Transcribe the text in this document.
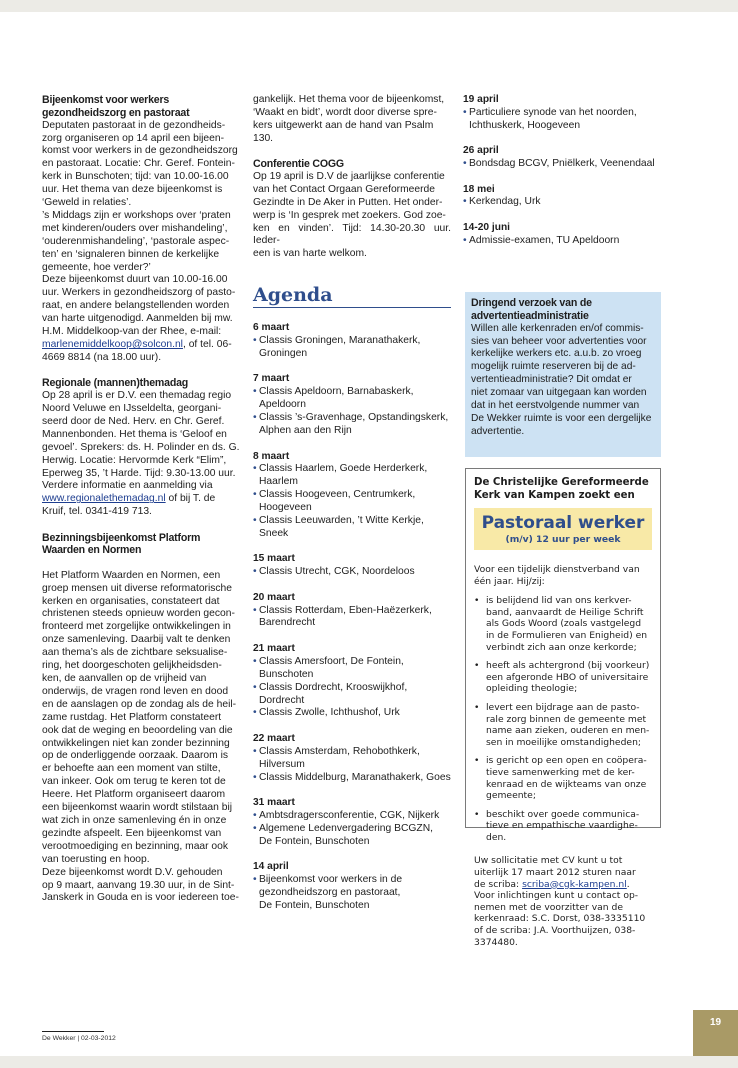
Bijeenkomst voor werkers
gezondheidszorg en pastoraat
Deputaten pastoraat in de gezondheids-
zorg organiseren op 14 april een bijeen-
komst voor werkers in de gezondheidszorg
en pastoraat. Locatie: Chr. Geref. Fontein-
kerk in Bunschoten; tijd: van 10.00-16.00
uur. Het thema van deze bijeenkomst is
‘Geweld in relaties’.
’s Middags zijn er workshops over ‘praten
met kinderen/ouders over mishandeling’,
‘ouderenmishandeling’, ‘pastorale aspec-
ten’ en ‘signaleren binnen de kerkelijke
gemeente, hoe verder?’
Deze bijeenkomst duurt van 10.00-16.00
uur. Werkers in gezondheidszorg of pasto-
raat, en andere belangstellenden worden
van harte uitgenodigd. Aanmelden bij mw.
H.M. Middelkoop-van der Rhee, e-mail:
marlenemiddelkoop@solcon.nl, of tel. 06-
4669 8814 (na 18.00 uur).
Regionale (mannen)themadag
Op 28 april is er D.V. een themadag regio
Noord Veluwe en IJsseldelta, georgani-
seerd door de Ned. Herv. en Chr. Geref.
Mannenbonden. Het thema is ‘Geloof en
gevoel’. Sprekers: ds. H. Polinder en ds. G.
Herwig. Locatie: Hervormde Kerk “Elim”,
Eperweg 35, ’t Harde. Tijd: 9.30-13.00 uur.
Verdere informatie en aanmelding via
www.regionalethemadag.nl of bij T. de
Kruif, tel. 0341-419 713.
Bezinningsbijeenkomst Platform
Waarden en Normen
Het Platform Waarden en Normen, een
groep mensen uit diverse reformatorische
kerken en organisaties, constateert dat
christenen steeds opnieuw worden gecon-
fronteerd met zorgelijke ontwikkelingen in
onze samenleving. Daarbij valt te denken
aan thema’s als de zichtbare seksualise-
ring, het doorgeschoten gelijkheidsden-
ken, de aanvallen op de vrijheid van
onderwijs, de vragen rond leven en dood
en de aanslagen op de zondag als de heil-
zame rustdag. Het Platform constateert
ook dat de weging en beoordeling van die
ontwikkelingen niet kan zonder bezinning
op de onderliggende oorzaak. Daarom is
er behoefte aan een moment van stilte,
van inkeer. Ook om terug te keren tot de
Heere. Het Platform organiseert daarom
een bijeenkomst waarin wordt stilstaan bij
wat zich in onze samenleving én in onze
gezindte afspeelt. Een bijeenkomst van
verootmoediging en bezinning, maar ook
van toerusting en hoop.
Deze bijeenkomst wordt D.V. gehouden
op 9 maart, aanvang 19.30 uur, in de Sint-
Janskerk in Gouda en is voor iedereen toe-
gankelijk. Het thema voor de bijeenkomst,
‘Waakt en bidt’, wordt door diverse spre-
kers uitgewerkt aan de hand van Psalm
130.
Conferentie COGG
Op 19 april is D.V de jaarlijkse conferentie
van het Contact Orgaan Gereformeerde
Gezindte in De Aker in Putten. Het onder-
werp is ‘In gesprek met zoekers. God zoe-
ken en vinden’. Tijd: 14.30-20.30 uur. Ieder-
een is van harte welkom.
Agenda
6 maart
• Classis Groningen, Maranathakerk,
Groningen
7 maart
• Classis Apeldoorn, Barnabaskerk,
Apeldoorn
• Classis ’s-Gravenhage, Opstandingskerk,
Alphen aan den Rijn
8 maart
• Classis Haarlem, Goede Herderkerk,
Haarlem
• Classis Hoogeveen, Centrumkerk,
Hoogeveen
• Classis Leeuwarden, ’t Witte Kerkje,
Sneek
15 maart
• Classis Utrecht, CGK, Noordeloos
20 maart
• Classis Rotterdam, Eben-Haëzerkerk,
Barendrecht
21 maart
• Classis Amersfoort, De Fontein,
Bunschoten
• Classis Dordrecht, Krooswijkhof,
Dordrecht
• Classis Zwolle, Ichthushof, Urk
22 maart
• Classis Amsterdam, Rehobothkerk,
Hilversum
• Classis Middelburg, Maranathakerk, Goes
31 maart
• Ambtsdragersconferentie, CGK, Nijkerk
• Algemene Ledenvergadering BCGZN,
De Fontein, Bunschoten
14 april
• Bijeenkomst voor werkers in de
gezondheidszorg en pastoraat,
De Fontein, Bunschoten
19 april
• Particuliere synode van het noorden,
Ichthuskerk, Hoogeveen
26 april
• Bondsdag BCGV, Pniëlkerk, Veenendaal
18 mei
• Kerkendag, Urk
14-20 juni
• Admissie-examen, TU Apeldoorn
Dringend verzoek van de
advertentieadministratie
Willen alle kerkenraden en/of commis-
sies van beheer voor advertenties voor
kerkelijke werkers etc. a.u.b. zo vroeg
mogelijk ruimte reserveren bij de ad-
vertentieadministratie? Dit omdat er
niet zomaar van uitgegaan kan worden
dat in het eerstvolgende nummer van
De Wekker ruimte is voor een dergelijke
advertentie.
De Christelijke Gereformeerde
Kerk van Kampen zoekt een
Pastoraal werker
(m/v) 12 uur per week
Voor een tijdelijk dienstverband van
één jaar. Hij/zij:
• is belijdend lid van ons kerkver-
band, aanvaardt de Heilige Schrift
als Gods Woord (zoals vastgelegd
in de Formulieren van Enigheid) en
verbindt zich aan onze kerkorde;
• heeft als achtergrond (bij voorkeur)
een afgeronde HBO of universitaire
opleiding theologie;
• levert een bijdrage aan de pasto-
rale zorg binnen de gemeente met
name aan zieken, ouderen en men-
sen in moeilijke omstandigheden;
• is gericht op een open en coöpera-
tieve samenwerking met de ker-
kenraad en de wijkteams van onze
gemeente;
• beschikt over goede communica-
tieve en empathische vaardighe-
den.
Uw sollicitatie met CV kunt u tot
uiterlijk 17 maart 2012 sturen naar
de scriba: scriba@cgk-kampen.nl.
Voor inlichtingen kunt u contact op-
nemen met de voorzitter van de
kerkenraad: S.C. Dorst, 038-3335110
of de scriba: J.A. Voorthuijzen, 038-
3374480.
De Wekker | 02-03-2012
19
